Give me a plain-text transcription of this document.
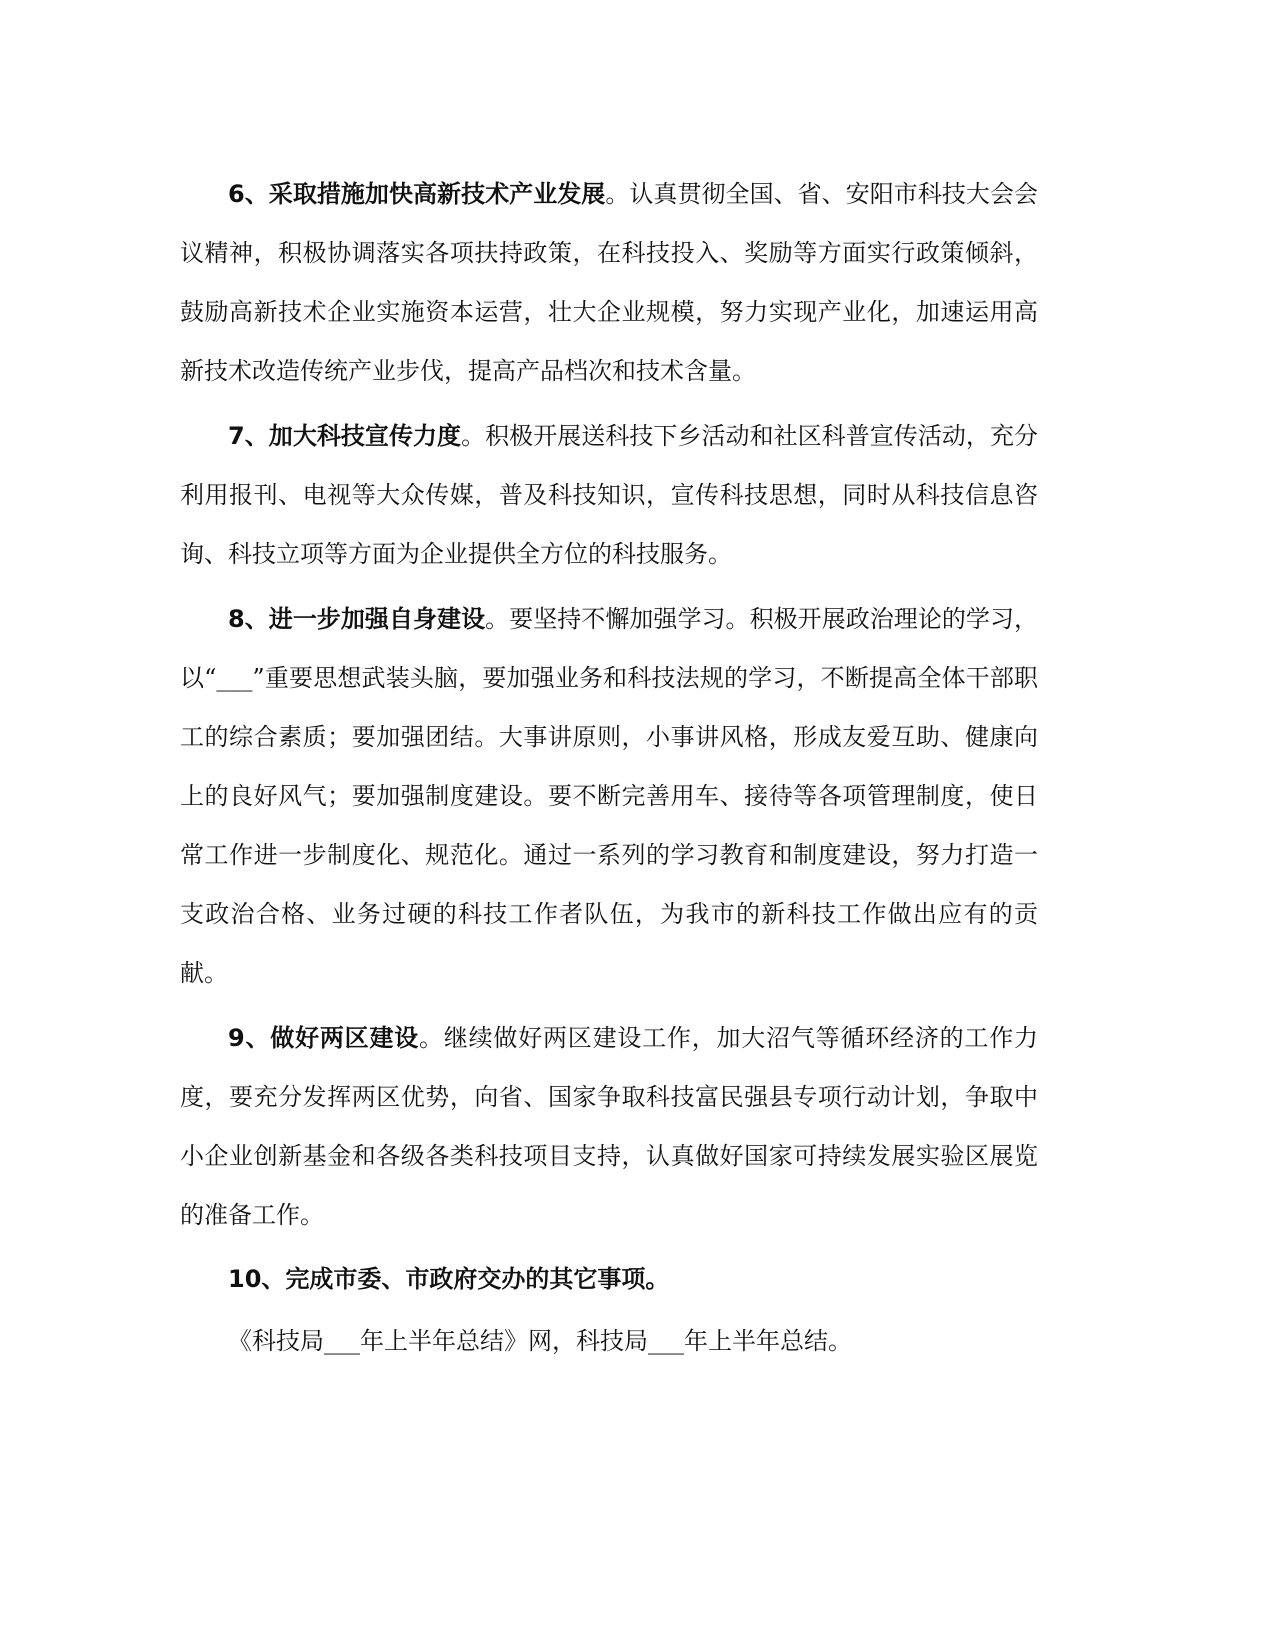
6、采取措施加快高新技术产业发展。认真贯彻全国、省、安阳市科技大会会议精神，积极协调落实各项扶持政策，在科技投入、奖励等方面实行政策倾斜，鼓励高新技术企业实施资本运营，壮大企业规模，努力实现产业化，加速运用高新技术改造传统产业步伐，提高产品档次和技术含量。

7、加大科技宣传力度。积极开展送科技下乡活动和社区科普宣传活动，充分利用报刊、电视等大众传媒，普及科技知识，宣传科技思想，同时从科技信息咨询、科技立项等方面为企业提供全方位的科技服务。

8、进一步加强自身建设。要坚持不懈加强学习。积极开展政治理论的学习，以“___”重要思想武装头脑，要加强业务和科技法规的学习，不断提高全体干部职工的综合素质；要加强团结。大事讲原则，小事讲风格，形成友爱互助、健康向上的良好风气；要加强制度建设。要不断完善用车、接待等各项管理制度，使日常工作进一步制度化、规范化。通过一系列的学习教育和制度建设，努力打造一支政治合格、业务过硬的科技工作者队伍，为我市的新科技工作做出应有的贡献。

9、做好两区建设。继续做好两区建设工作，加大沼气等循环经济的工作力度，要充分发挥两区优势，向省、国家争取科技富民强县专项行动计划，争取中小企业创新基金和各级各类科技项目支持，认真做好国家可持续发展实验区展览的准备工作。

10、完成市委、市政府交办的其它事项。

《科技局___年上半年总结》网，科技局___年上半年总结。
